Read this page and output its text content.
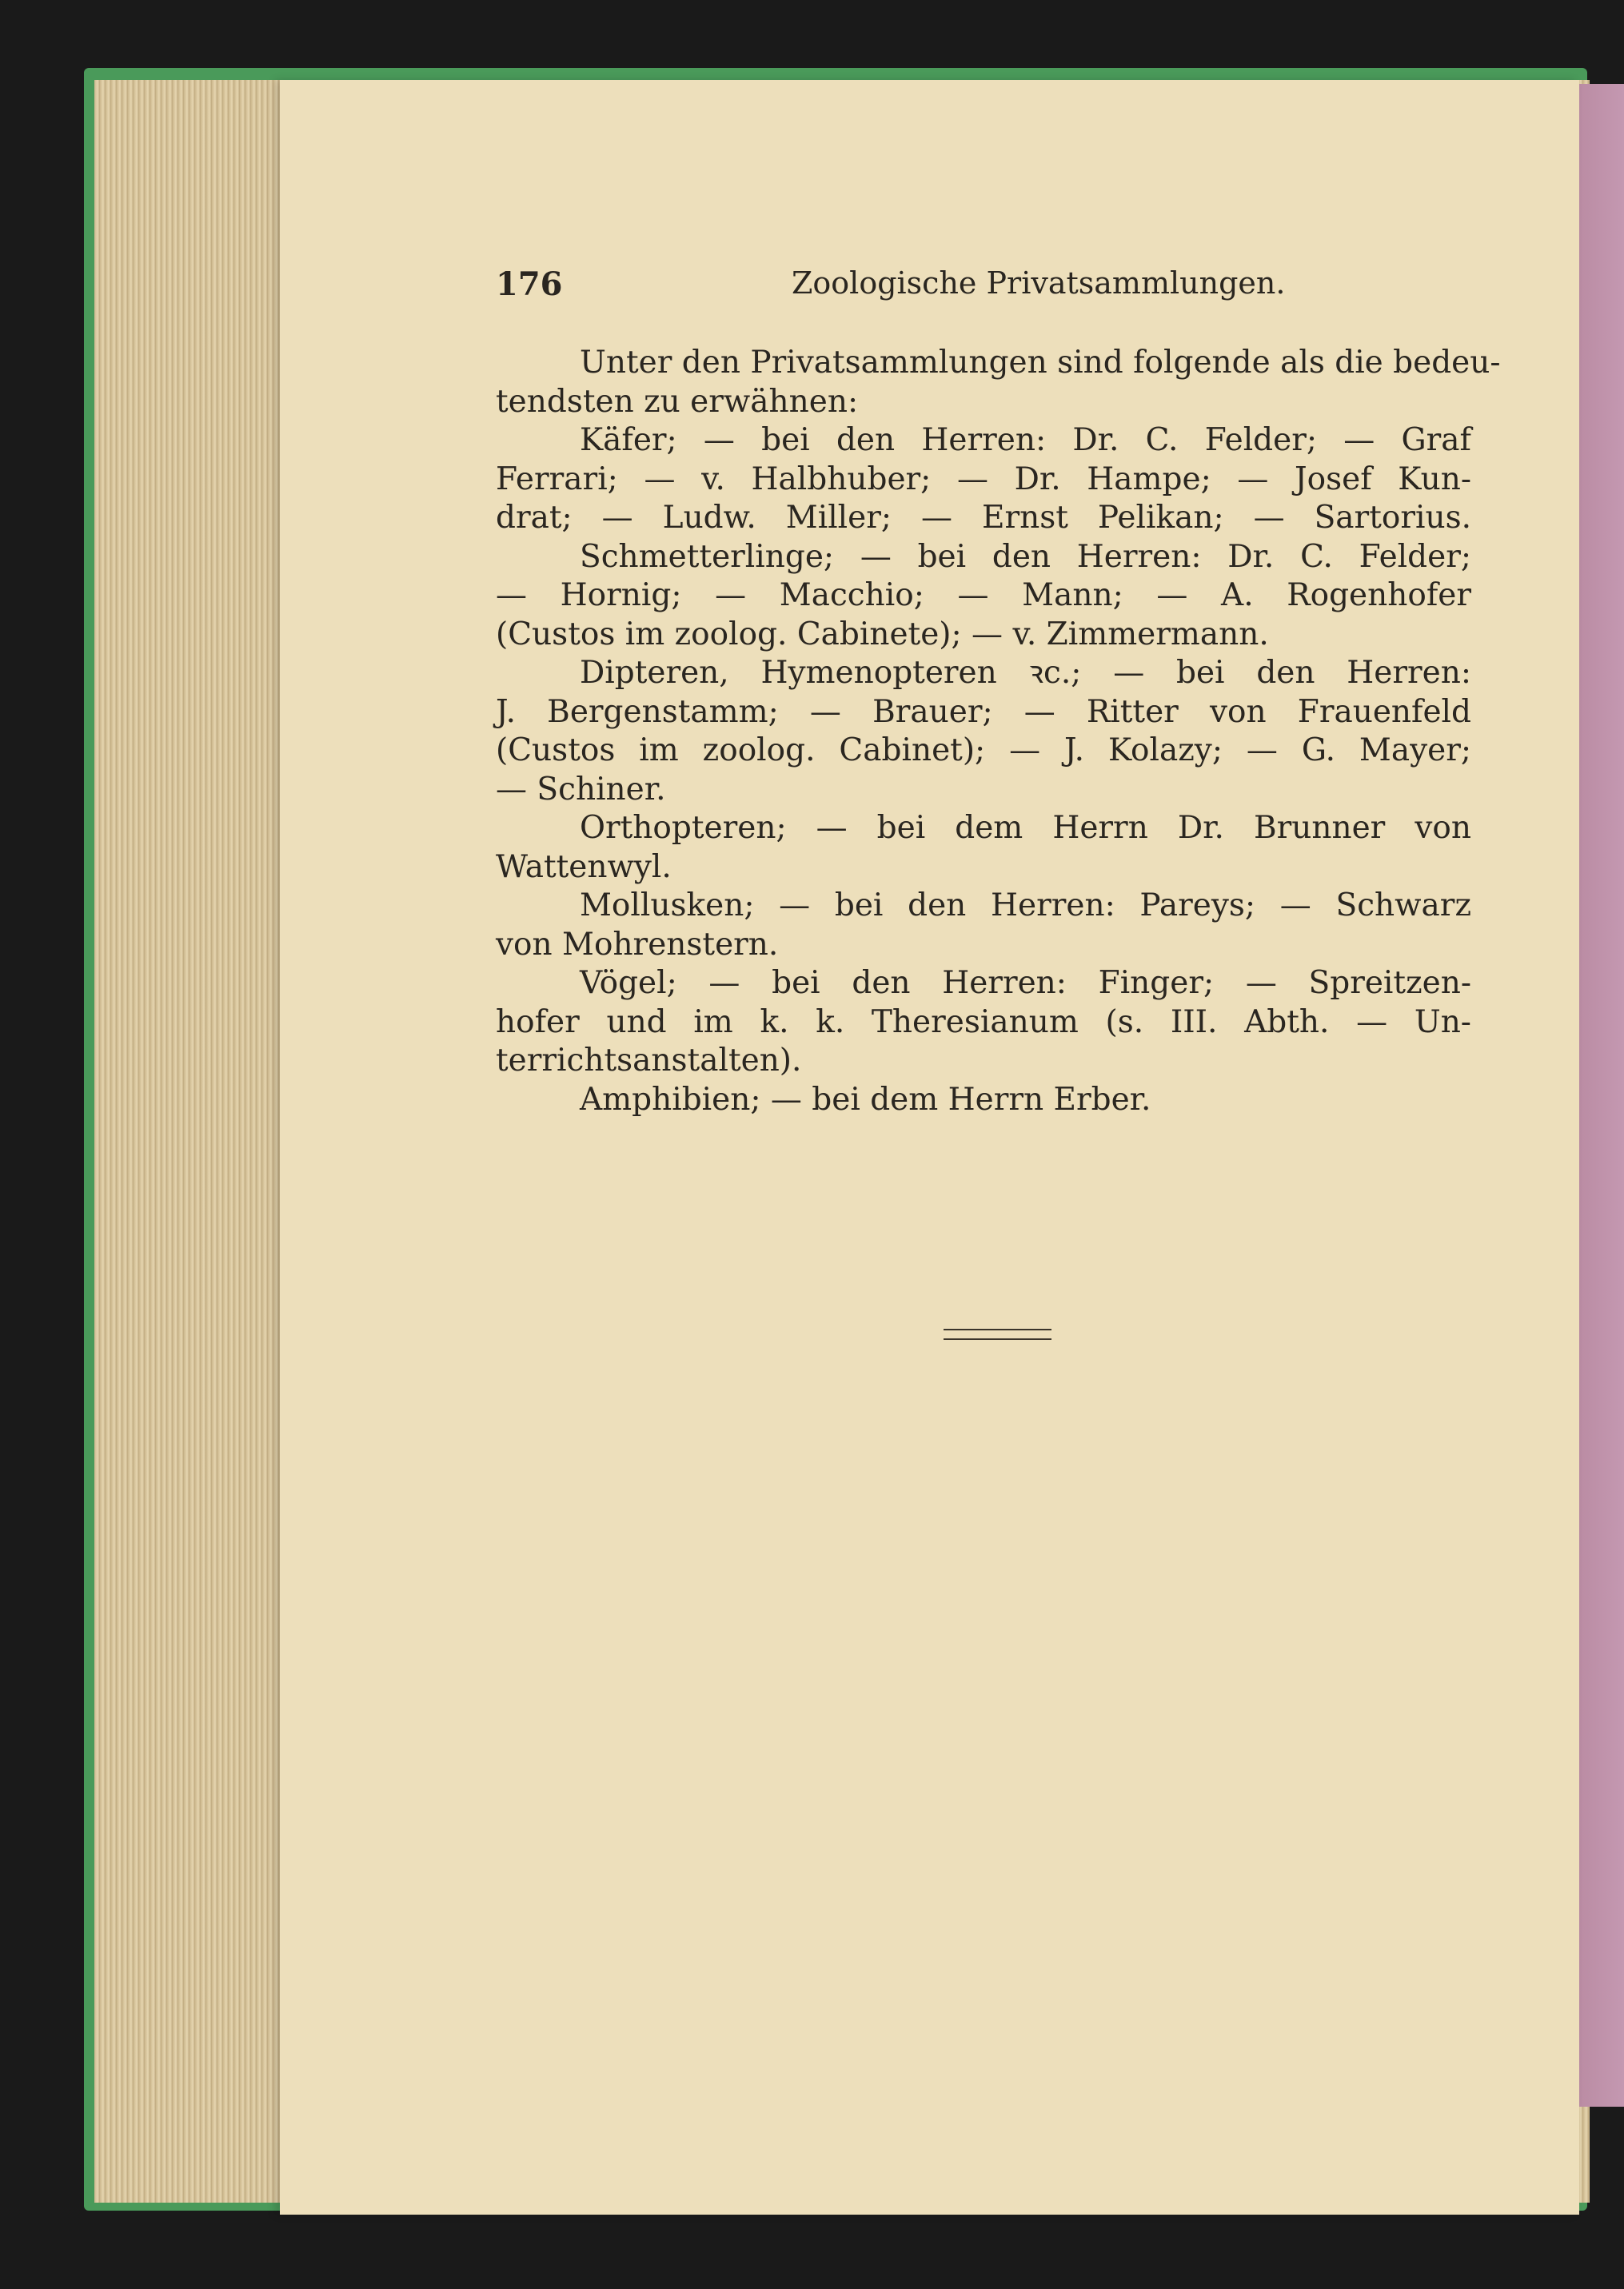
176	Zoologische Privatsammlungen.
Unter den Privatsammlungen sind folgende als die bedeu-
tendsten zu erwähnen:
Käfer; — bei den Herren: Dr. C. Felder; — Graf
Ferrari; — v. Halbhuber; — Dr. Hampe; — Josef Kun-
drat; — Ludw. Miller; — Ernst Pelikan; — Sartorius.
Schmetterlinge; — bei den Herren: Dr. C. Felder;
— Hornig; — Macchio; — Mann; — A. Rogenhofer
(Custos im zoolog. Cabinete); — v. Zimmermann.
Dipteren, Hymenopteren ꝛc.; — bei den Herren:
J. Bergenstamm; — Brauer; — Ritter von Frauenfeld
(Custos im zoolog. Cabinet); — J. Kolazy; — G. Mayer;
— Schiner.
Orthopteren; — bei dem Herrn Dr. Brunner von
Wattenwyl.
Mollusken; — bei den Herren: Pareys; — Schwarz
von Mohrenstern.
Vögel; — bei den Herren: Finger; — Spreitzen-
hofer und im k. k. Theresianum (s. III. Abth. — Un-
terrichtsanstalten).
Amphibien; — bei dem Herrn Erber.
